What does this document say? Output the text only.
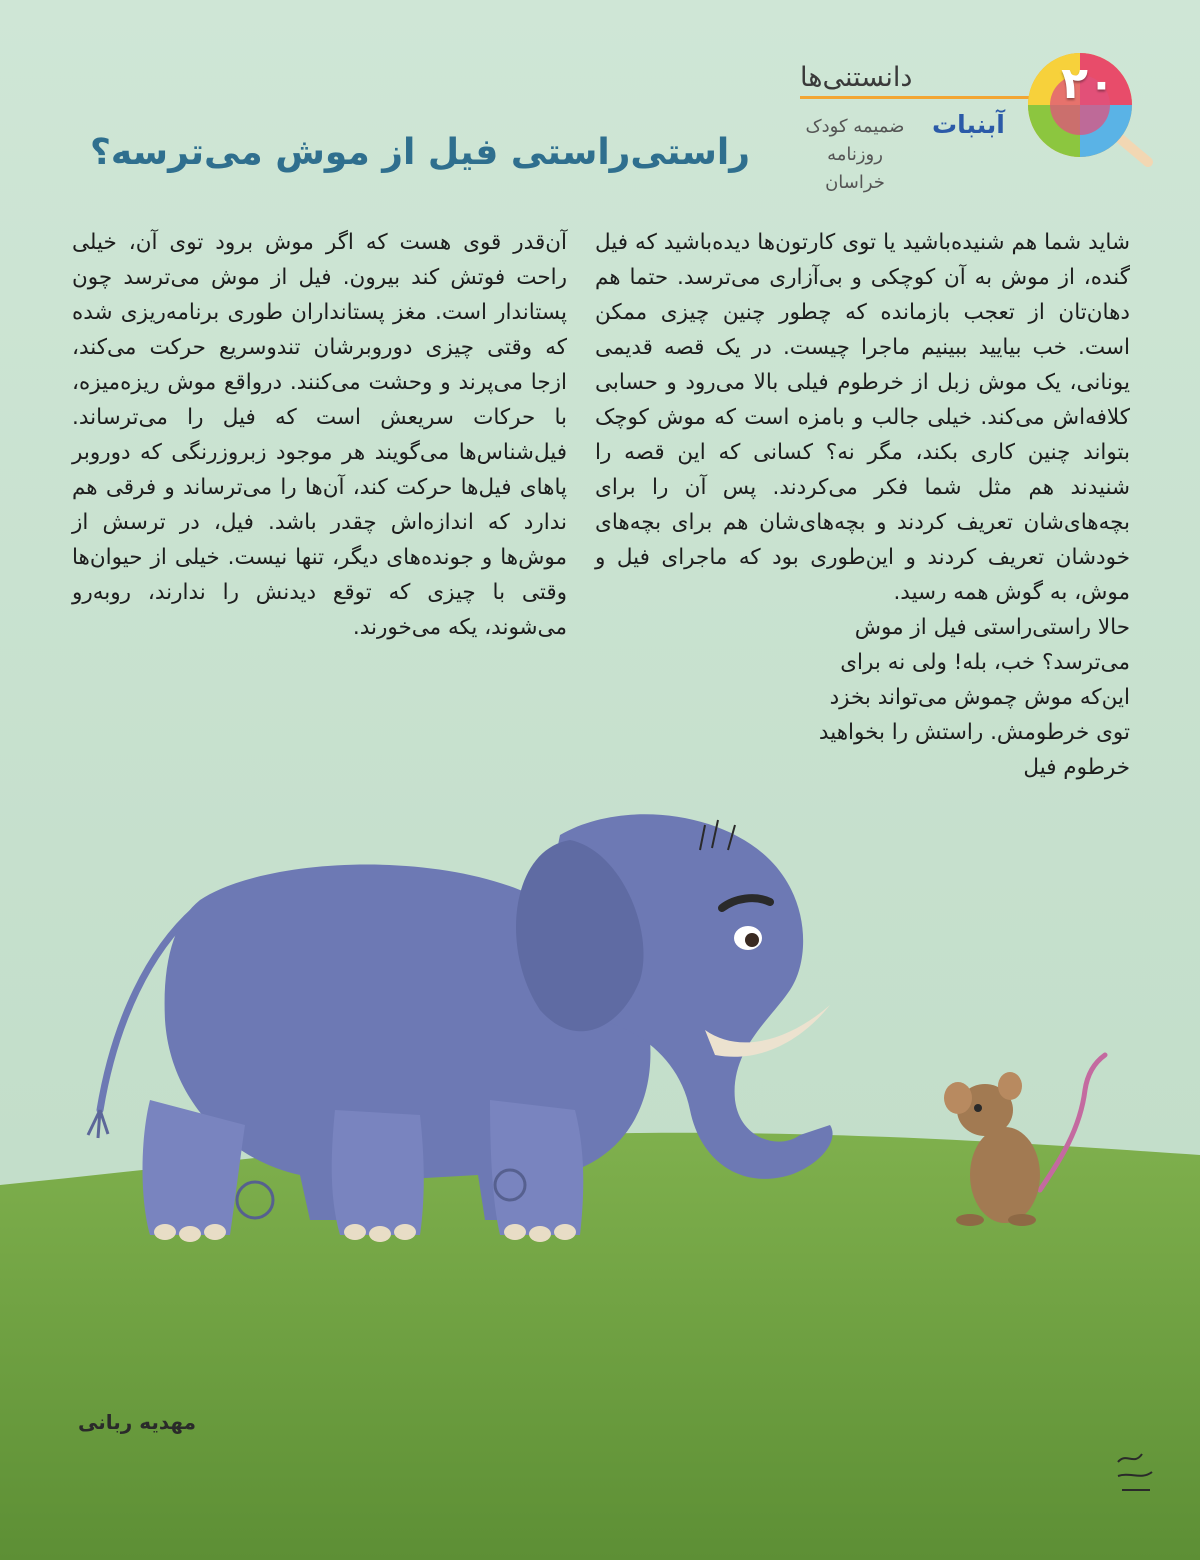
دانستنی‌ها
ضمیمه کودک
روزنامه خراسان
آبنبات
۲۰
راستی‌راستی فیل از موش می‌ترسه؟

شاید شما هم شنیده‌باشید یا توی کارتون‌ها دیده‌باشید که فیل گنده، از موش به آن کوچکی و بی‌آزاری می‌ترسد. حتما هم دهان‌تان از تعجب بازمانده که چطور چنین چیزی ممکن است. خب بیایید ببینیم ماجرا چیست. در یک قصه قدیمی یونانی، یک موش زبل از خرطوم فیلی بالا می‌رود و حسابی کلافه‌اش می‌کند. خیلی جالب و بامزه است که موش کوچک بتواند چنین کاری بکند، مگر نه؟ کسانی که این قصه را شنیدند هم مثل شما فکر می‌کردند. پس آن را برای بچه‌های‌شان تعریف کردند و بچه‌های‌شان هم برای بچه‌های خودشان تعریف کردند و این‌طوری بود که ماجرای فیل و موش، به گوش همه رسید.

حالا راستی‌راستی فیل از موش می‌ترسد؟ خب، بله! ولی نه برای این‌که موش چموش می‌تواند بخزد توی خرطومش. راستش را بخواهید خرطوم فیل

آن‌قدر قوی هست که اگر موش برود توی آن، خیلی راحت فوتش کند بیرون. فیل از موش می‌ترسد چون پستاندار است. مغز پستانداران طوری برنامه‌ریزی شده که وقتی چیزی دوروبرشان تندوسریع حرکت می‌کند، ازجا می‌پرند و وحشت می‌کنند. درواقع موش ریزه‌میزه، با حرکات سریعش است که فیل را می‌ترساند. فیل‌شناس‌ها می‌گویند هر موجود زبروزرنگی که دوروبر پاهای فیل‌ها حرکت کند، آن‌ها را می‌ترساند و فرقی هم ندارد که اندازه‌اش چقدر باشد. فیل، در ترسش از موش‌ها و جونده‌های دیگر، تنها نیست. خیلی از حیوان‌ها وقتی با چیزی که توقع دیدنش را ندارند، روبه‌رو می‌شوند، یکه می‌خورند.

مهدیه ربانی
